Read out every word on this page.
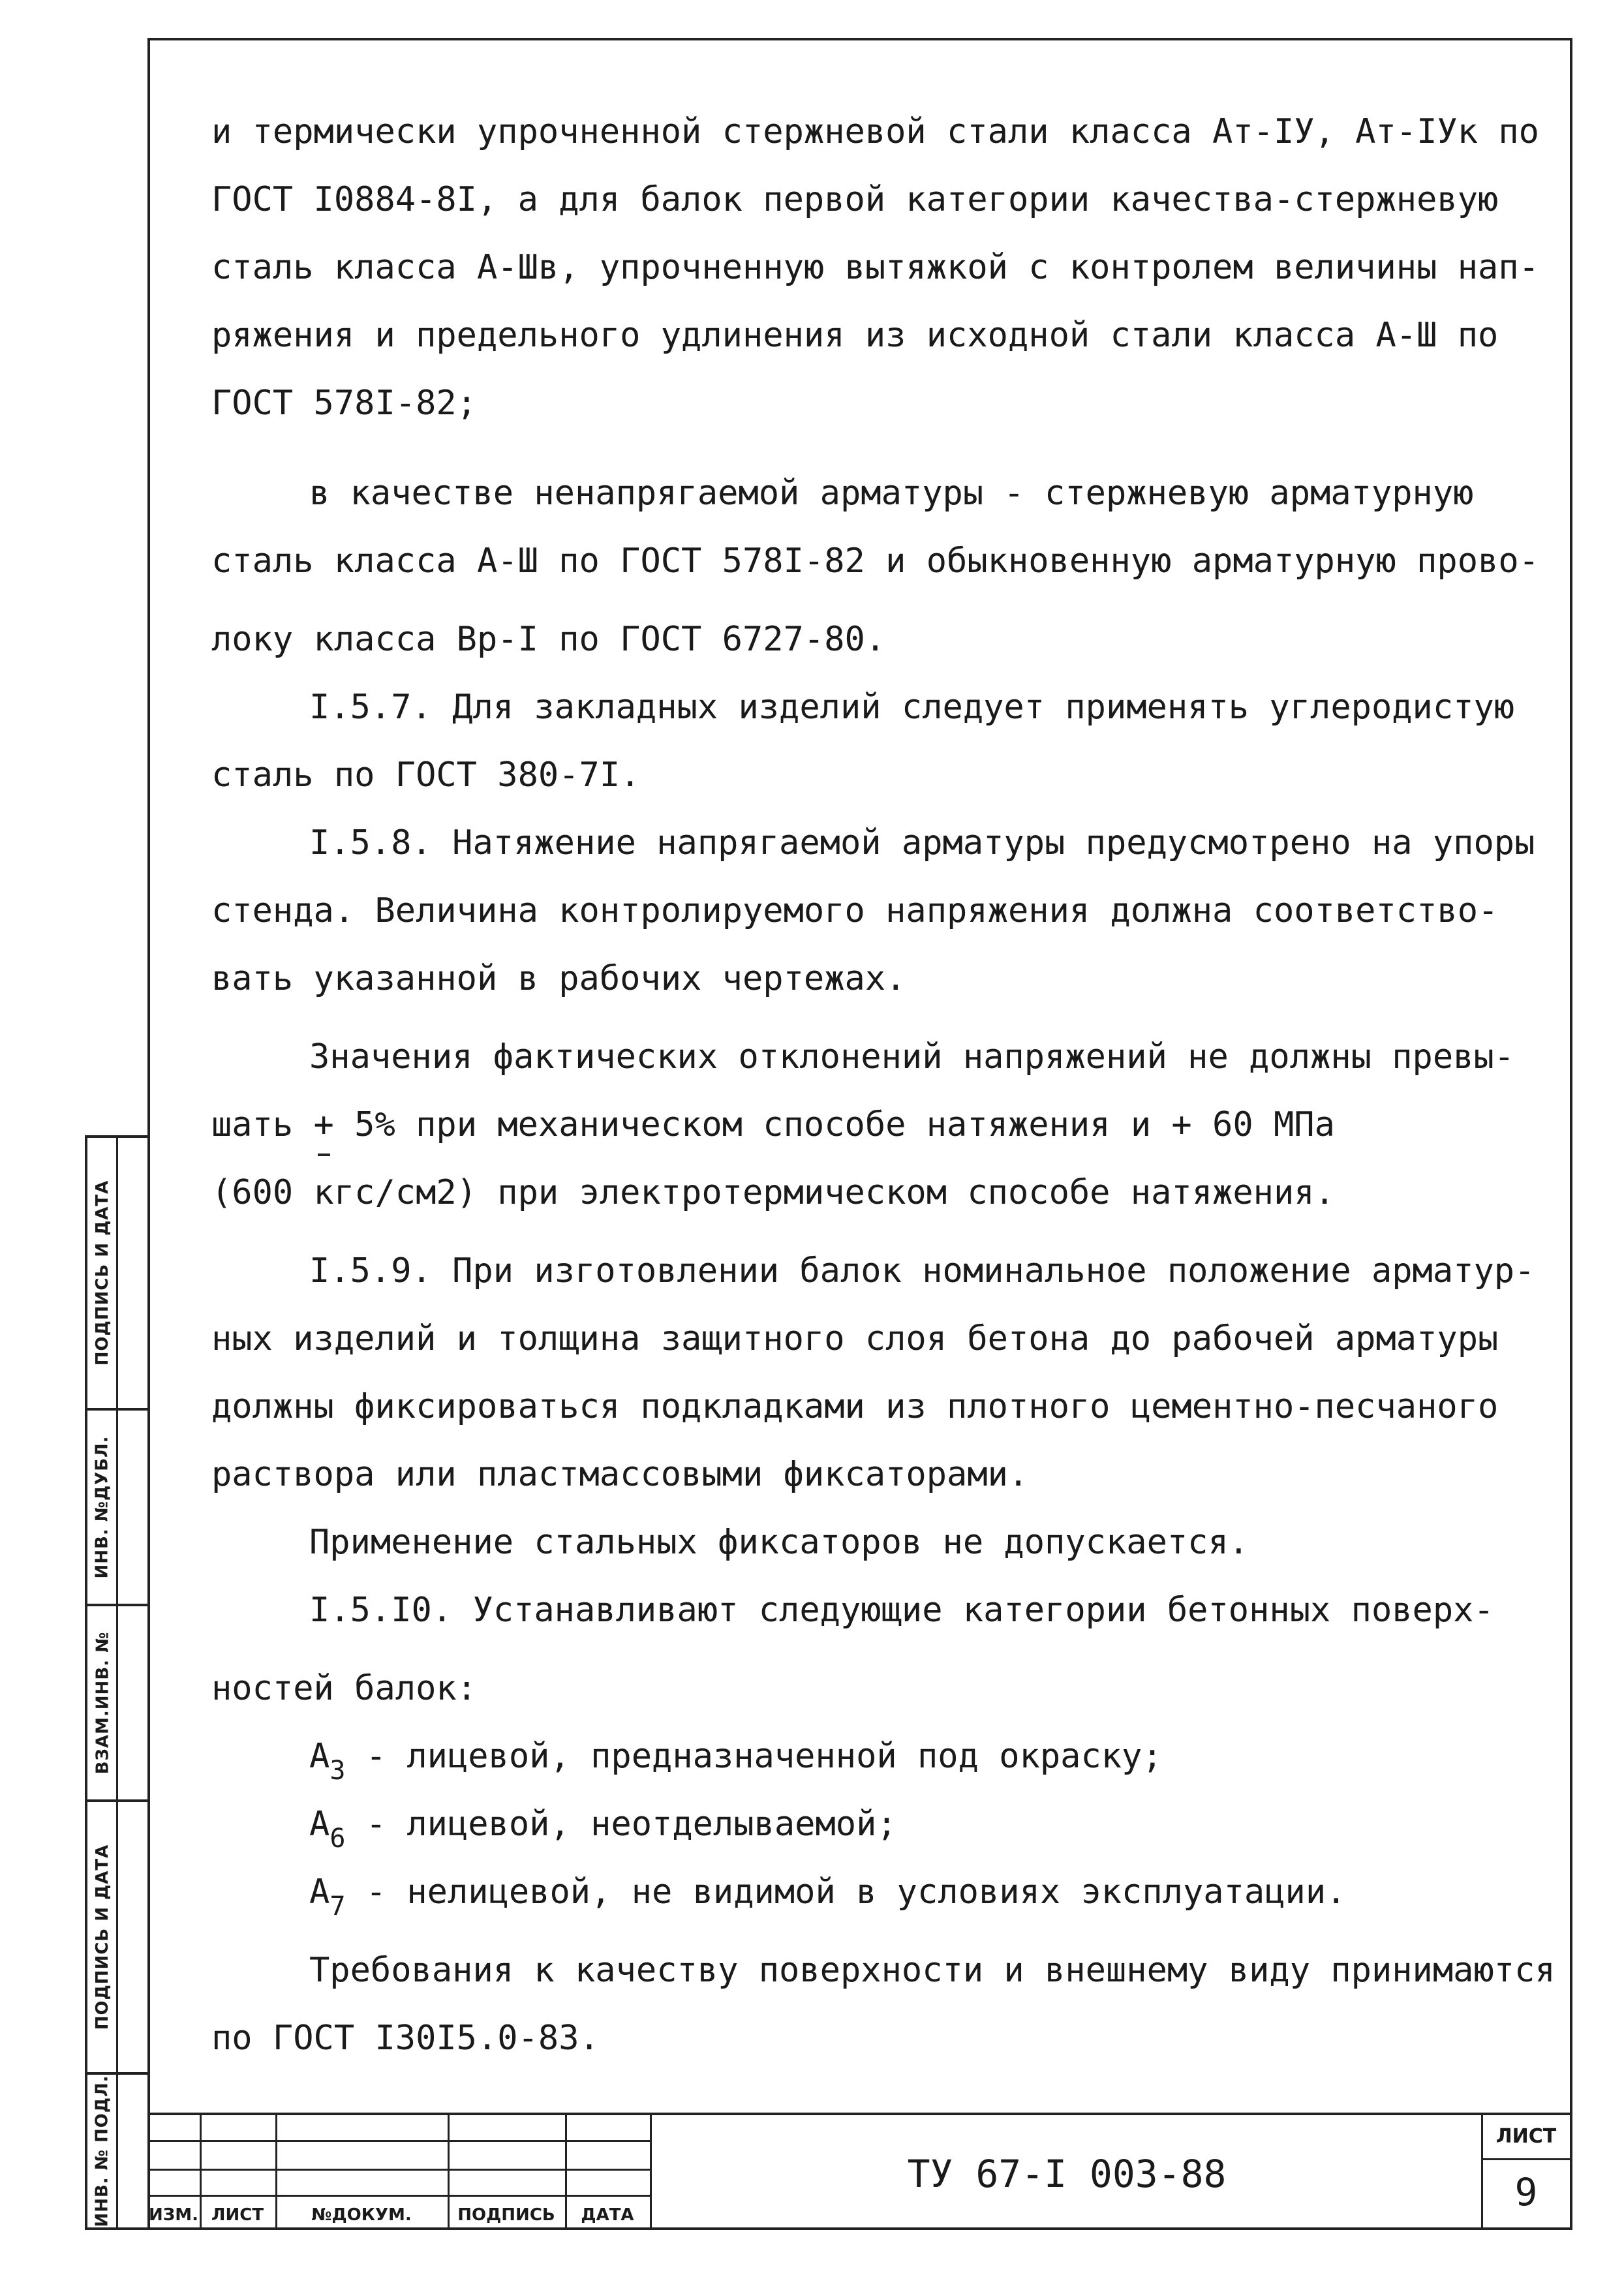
и термически упрочненной стержневой стали класса Ат-IУ, Ат-IУк по
ГОСТ I0884-8I, а для балок первой категории качества-стержневую
сталь класса А-Шв, упрочненную вытяжкой с контролем величины нап-
ряжения и предельного удлинения из исходной стали класса А-Ш по
ГОСТ 578I-82;
в качестве ненапрягаемой арматуры - стержневую арматурную
сталь класса А-Ш по ГОСТ 578I-82 и обыкновенную арматурную прово-
локу класса Вр-I по ГОСТ 6727-80.
I.5.7. Для закладных изделий следует применять углеродистую
сталь по ГОСТ 380-7I.
I.5.8. Натяжение напрягаемой арматуры предусмотрено на упоры
стенда. Величина контролируемого напряжения должна соответство-
вать указанной в рабочих чертежах.
Значения фактических отклонений напряжений не должны превы-
шать + 5% при механическом способе натяжения и + 60 МПа
(600 кгс/см2) при электротермическом способе натяжения.
I.5.9. При изготовлении балок номинальное положение арматур-
ных изделий и толщина защитного слоя бетона до рабочей арматуры
должны фиксироваться подкладками из плотного цементно-песчаного
раствора или пластмассовыми фиксаторами.
Применение стальных фиксаторов не допускается.
I.5.I0. Устанавливают следующие категории бетонных поверх-
ностей балок:
$А_3$ - лицевой, предназначенной под окраску;
$А_6$ - лицевой, неотделываемой;
$А_7$ - нелицевой, не видимой в условиях эксплуатации.
Требования к качеству поверхности и внешнему виду принимаются
по ГОСТ I30I5.0-83.
ПОДПИСЬ И ДАТА
ИНВ. №ДУБЛ.
ВЗАМ.ИНВ. №
ПОДПИСЬ И ДАТА
ИНВ. № ПОДЛ. ИЗМ. ЛИСТ	№ДОКУМ.	ПОДПИСЬ	ДАТА
ТУ 67-I 003-88
ЛИСТ
9
